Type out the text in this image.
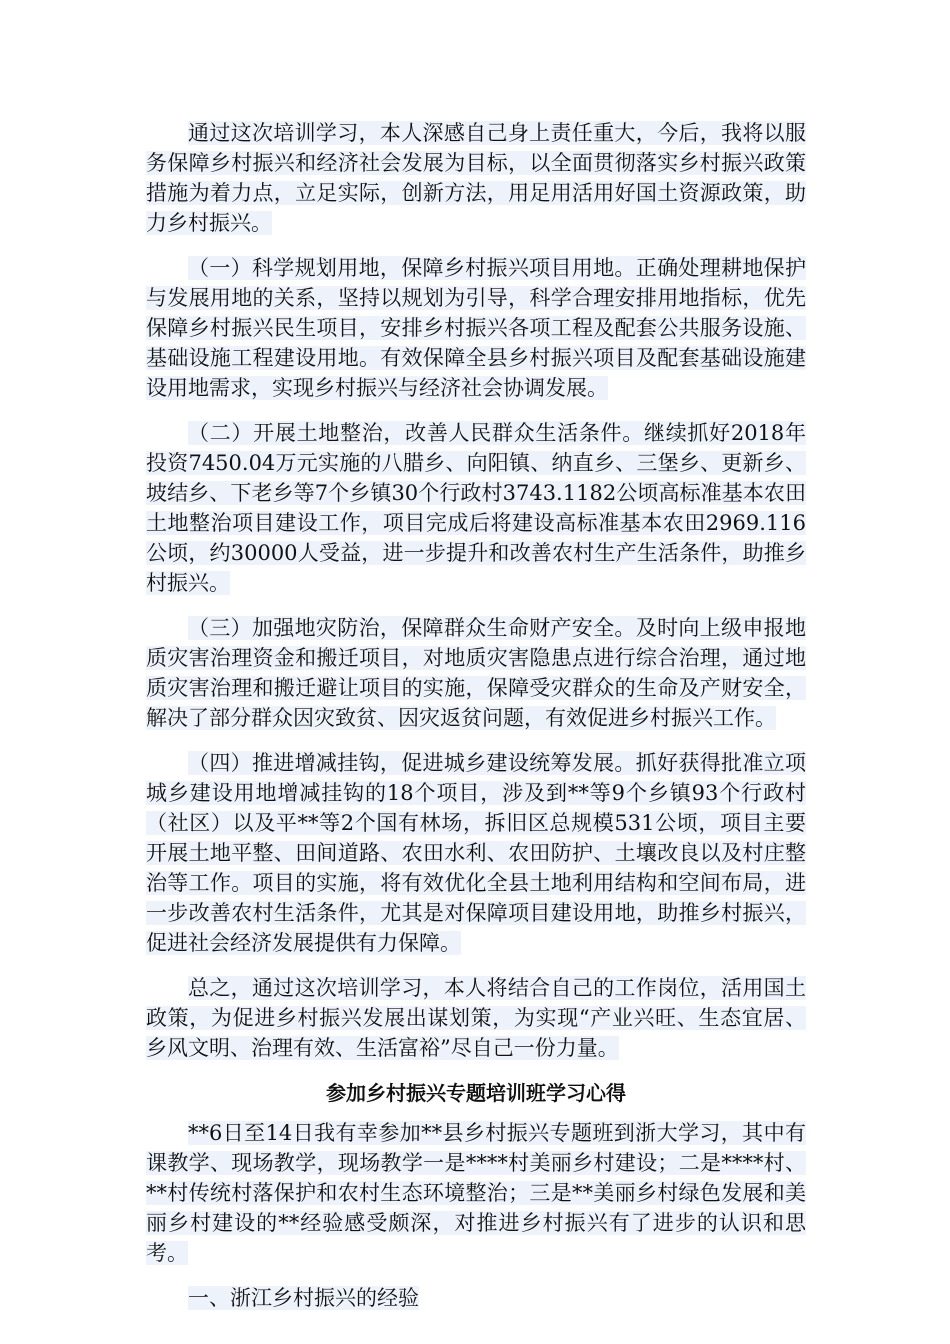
通过这次培训学习，本人深感自己身上责任重大，今后，我将以服务保障乡村振兴和经济社会发展为目标，以全面贯彻落实乡村振兴政策措施为着力点，立足实际，创新方法，用足用活用好国土资源政策，助力乡村振兴。

（一）科学规划用地，保障乡村振兴项目用地。正确处理耕地保护与发展用地的关系，坚持以规划为引导，科学合理安排用地指标，优先保障乡村振兴民生项目，安排乡村振兴各项工程及配套公共服务设施、基础设施工程建设用地。有效保障全县乡村振兴项目及配套基础设施建设用地需求，实现乡村振兴与经济社会协调发展。

（二）开展土地整治，改善人民群众生活条件。继续抓好2018年投资7450.04万元实施的八腊乡、向阳镇、纳直乡、三堡乡、更新乡、坡结乡、下老乡等7个乡镇30个行政村3743.1182公顷高标准基本农田土地整治项目建设工作，项目完成后将建设高标准基本农田2969.116公顷，约30000人受益，进一步提升和改善农村生产生活条件，助推乡村振兴。

（三）加强地灾防治，保障群众生命财产安全。及时向上级申报地质灾害治理资金和搬迁项目，对地质灾害隐患点进行综合治理，通过地质灾害治理和搬迁避让项目的实施，保障受灾群众的生命及产财安全，解决了部分群众因灾致贫、因灾返贫问题，有效促进乡村振兴工作。

（四）推进增减挂钩，促进城乡建设统筹发展。抓好获得批准立项城乡建设用地增减挂钩的18个项目，涉及到**等9个乡镇93个行政村（社区）以及平**等2个国有林场，拆旧区总规模531公顷，项目主要开展土地平整、田间道路、农田水利、农田防护、土壤改良以及村庄整治等工作。项目的实施，将有效优化全县土地利用结构和空间布局，进一步改善农村生活条件，尤其是对保障项目建设用地，助推乡村振兴，促进社会经济发展提供有力保障。

总之，通过这次培训学习，本人将结合自己的工作岗位，活用国土政策，为促进乡村振兴发展出谋划策，为实现“产业兴旺、生态宜居、乡风文明、治理有效、生活富裕”尽自己一份力量。

参加乡村振兴专题培训班学习心得

**6日至14日我有幸参加**县乡村振兴专题班到浙大学习，其中有课教学、现场教学，现场教学一是****村美丽乡村建设；二是****村、**村传统村落保护和农村生态环境整治；三是**美丽乡村绿色发展和美丽乡村建设的**经验感受颇深，对推进乡村振兴有了进步的认识和思考。

一、浙江乡村振兴的经验
